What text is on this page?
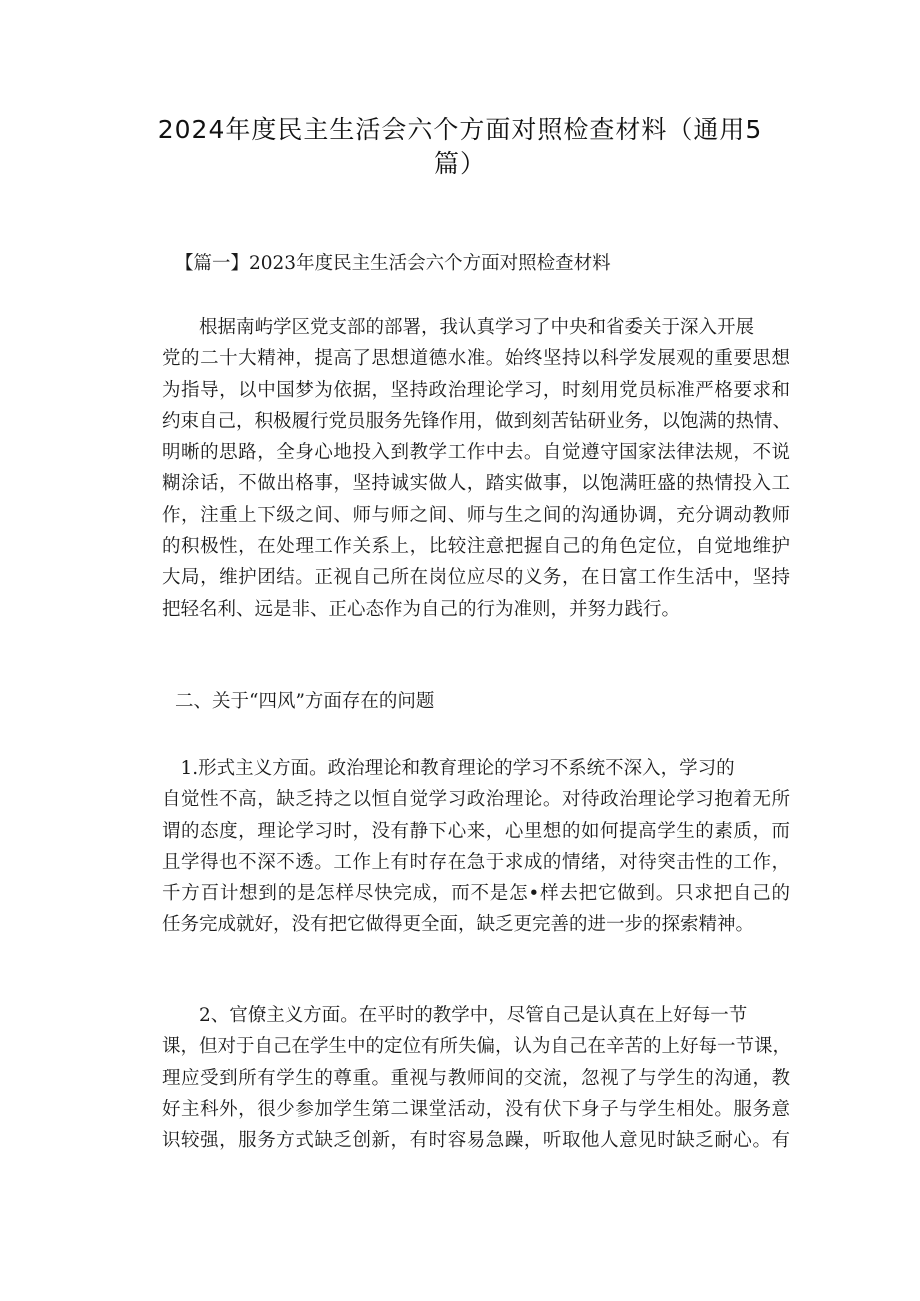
2024年度民主生活会六个方面对照检查材料（通用5
篇）
【篇一】2023年度民主生活会六个方面对照检查材料
　　根据南屿学区党支部的部署，我认真学习了中央和省委关于深入开展
党的二十大精神，提高了思想道德水准。始终坚持以科学发展观的重要思想
为指导，以中国梦为依据，坚持政治理论学习，时刻用党员标准严格要求和
约束自己，积极履行党员服务先锋作用，做到刻苦钻研业务，以饱满的热情、
明晰的思路，全身心地投入到教学工作中去。自觉遵守国家法律法规，不说
糊涂话，不做出格事，坚持诚实做人，踏实做事，以饱满旺盛的热情投入工
作，注重上下级之间、师与师之间、师与生之间的沟通协调，充分调动教师
的积极性，在处理工作关系上，比较注意把握自己的角色定位，自觉地维护
大局，维护团结。正视自己所在岗位应尽的义务，在日富工作生活中，坚持
把轻名利、远是非、正心态作为自己的行为准则，并努力践行。
二、关于“四风”方面存在的问题
　1.形式主义方面。政治理论和教育理论的学习不系统不深入，学习的
自觉性不高，缺乏持之以恒自觉学习政治理论。对待政治理论学习抱着无所
谓的态度，理论学习时，没有静下心来，心里想的如何提高学生的素质，而
且学得也不深不透。工作上有时存在急于求成的情绪，对待突击性的工作，
千方百计想到的是怎样尽快完成，而不是怎•样去把它做到。只求把自己的
任务完成就好，没有把它做得更全面，缺乏更完善的进一步的探索精神。
　　2、官僚主义方面。在平时的教学中，尽管自己是认真在上好每一节
课，但对于自己在学生中的定位有所失偏，认为自己在辛苦的上好每一节课，
理应受到所有学生的尊重。重视与教师间的交流，忽视了与学生的沟通，教
好主科外，很少参加学生第二课堂活动，没有伏下身子与学生相处。服务意
识较强，服务方式缺乏创新，有时容易急躁，听取他人意见时缺乏耐心。有
